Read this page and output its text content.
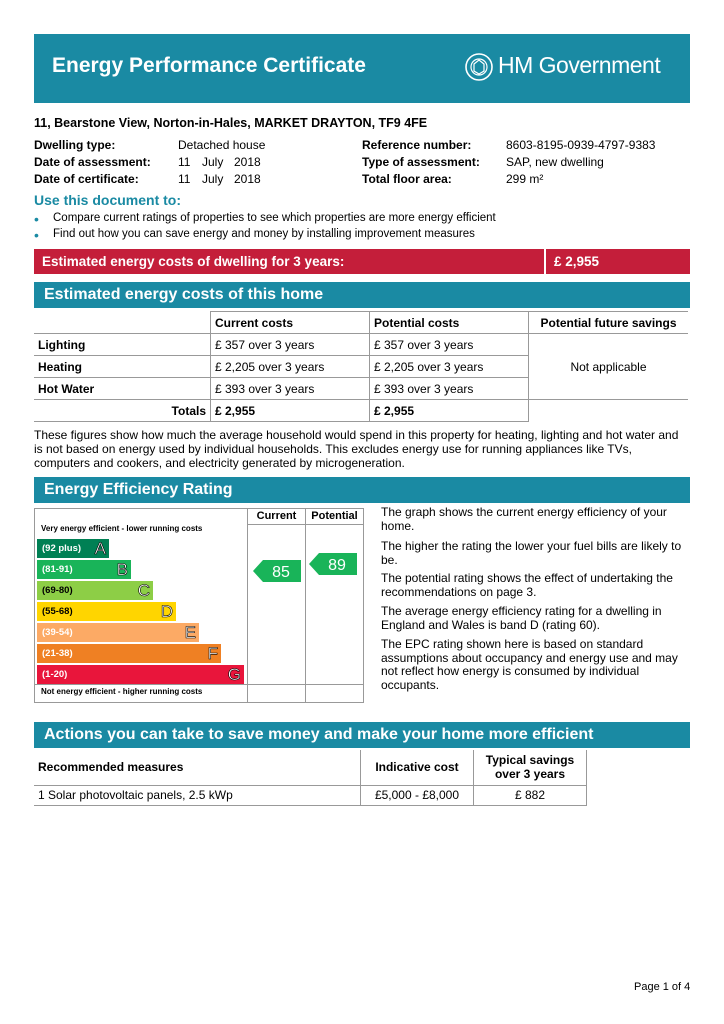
Energy Performance Certificate	HM Government
11, Bearstone View, Norton-in-Hales, MARKET DRAYTON, TF9 4FE
Dwelling type:	Detached house
Date of assessment: 11 July 2018
Date of certificate:	11 July 2018
Reference number:	8603-8195-0939-4797-9383
Type of assessment: SAP, new dwelling
Total floor area:	299 m²
Use this document to:
• Compare current ratings of properties to see which properties are more energy efficient
• Find out how you can save energy and money by installing improvement measures
Estimated energy costs of dwelling for 3 years:	£ 2,955
Estimated energy costs of this home
	Current costs	Potential costs	Potential future savings
Lighting	£ 357 over 3 years	£ 357 over 3 years	Not applicable
Heating	£ 2,205 over 3 years	£ 2,205 over 3 years	
Hot Water	£ 393 over 3 years	£ 393 over 3 years	
Totals	£ 2,955	£ 2,955	
These figures show how much the average household would spend in this property for heating, lighting and hot water and is not based on energy used by individual households. This excludes energy use for running appliances like TVs, computers and cookers, and electricity generated by microgeneration.
Energy Efficiency Rating
Current	Potential
Very energy efficient - lower running costs
Not energy efficient - higher running costs
(92 plus) A
(81-91)	B
(69-80)	C
(55-68)	D
(39-54)	E
(21-38)	F
(1-20)	G
85 89
The graph shows the current energy efficiency of your home.
The higher the rating the lower your fuel bills are likely to be.
The potential rating shows the effect of undertaking the recommendations on page 3.
The average energy efficiency rating for a dwelling in England and Wales is band D (rating 60).
The EPC rating shown here is based on standard assumptions about occupancy and energy use and may not reflect how energy is consumed by individual occupants.
Actions you can take to save money and make your home more efficient
Recommended measures	Indicative cost	Typical savings over 3 years
1 Solar photovoltaic panels, 2.5 kWp	£5,000 - £8,000	£ 882
Page 1 of 4
